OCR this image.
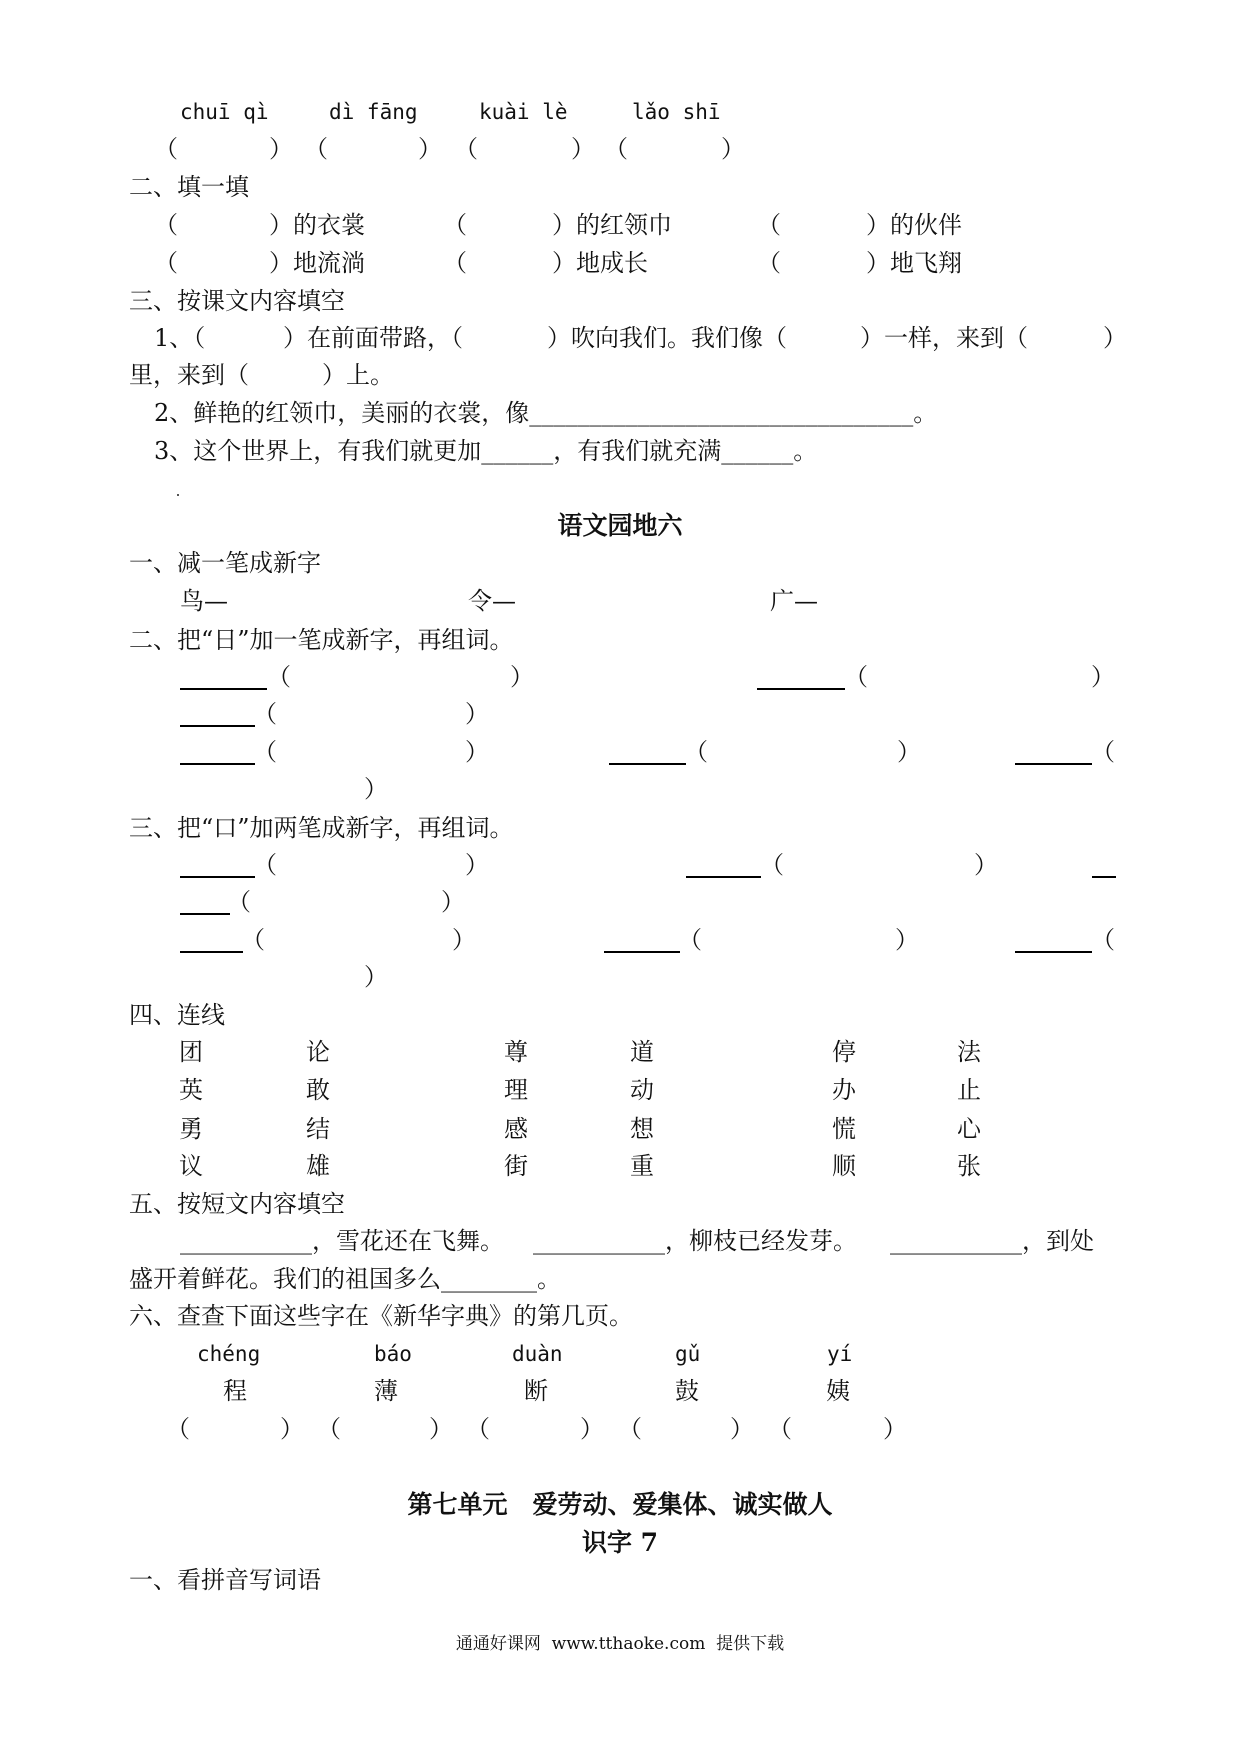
chuī qì	dì fāng	kuài lè	lǎo shī
（	） （	） （	） （	）
二、填一填
（	）的衣裳	（	）的红领巾	（	）的伙伴
（	）地流淌	（	）地成长	（	）地飞翔
三、按课文内容填空
1、（	）在前面带路，（	）吹向我们。我们像（	）一样，来到（	）
里，来到（	）上。
2、鲜艳的红领巾，美丽的衣裳，像________________________________。
3、这个世界上，有我们就更加______，有我们就充满______。
语文园地六
一、减一笔成新字
鸟—	令—	广—
二、把“日”加一笔成新字，再组词。
（	）	（	）
（	）
（	）	（	）	（
）
三、把“口”加两笔成新字，再组词。
（	）	（	）
（	）
（	）	（	）	（
）
四、连线
团	论	尊	道	停	法
英	敢	理	动	办	止
勇	结	感	想	慌	心
议	雄	街	重	顺	张
五、按短文内容填空
___________，雪花还在飞舞。 ___________，柳枝已经发芽。 ___________，到处
盛开着鲜花。我们的祖国多么________。
六、查查下面这些字在《新华字典》的第几页。
chéng	báo	duàn	gǔ	yí
程	薄	断	鼓	姨
（	） （	） （	） （	） （	）
第七单元　爱劳动、爱集体、诚实做人
识字 7
一、看拼音写词语
通通好课网  www.tthaoke.com  提供下载
